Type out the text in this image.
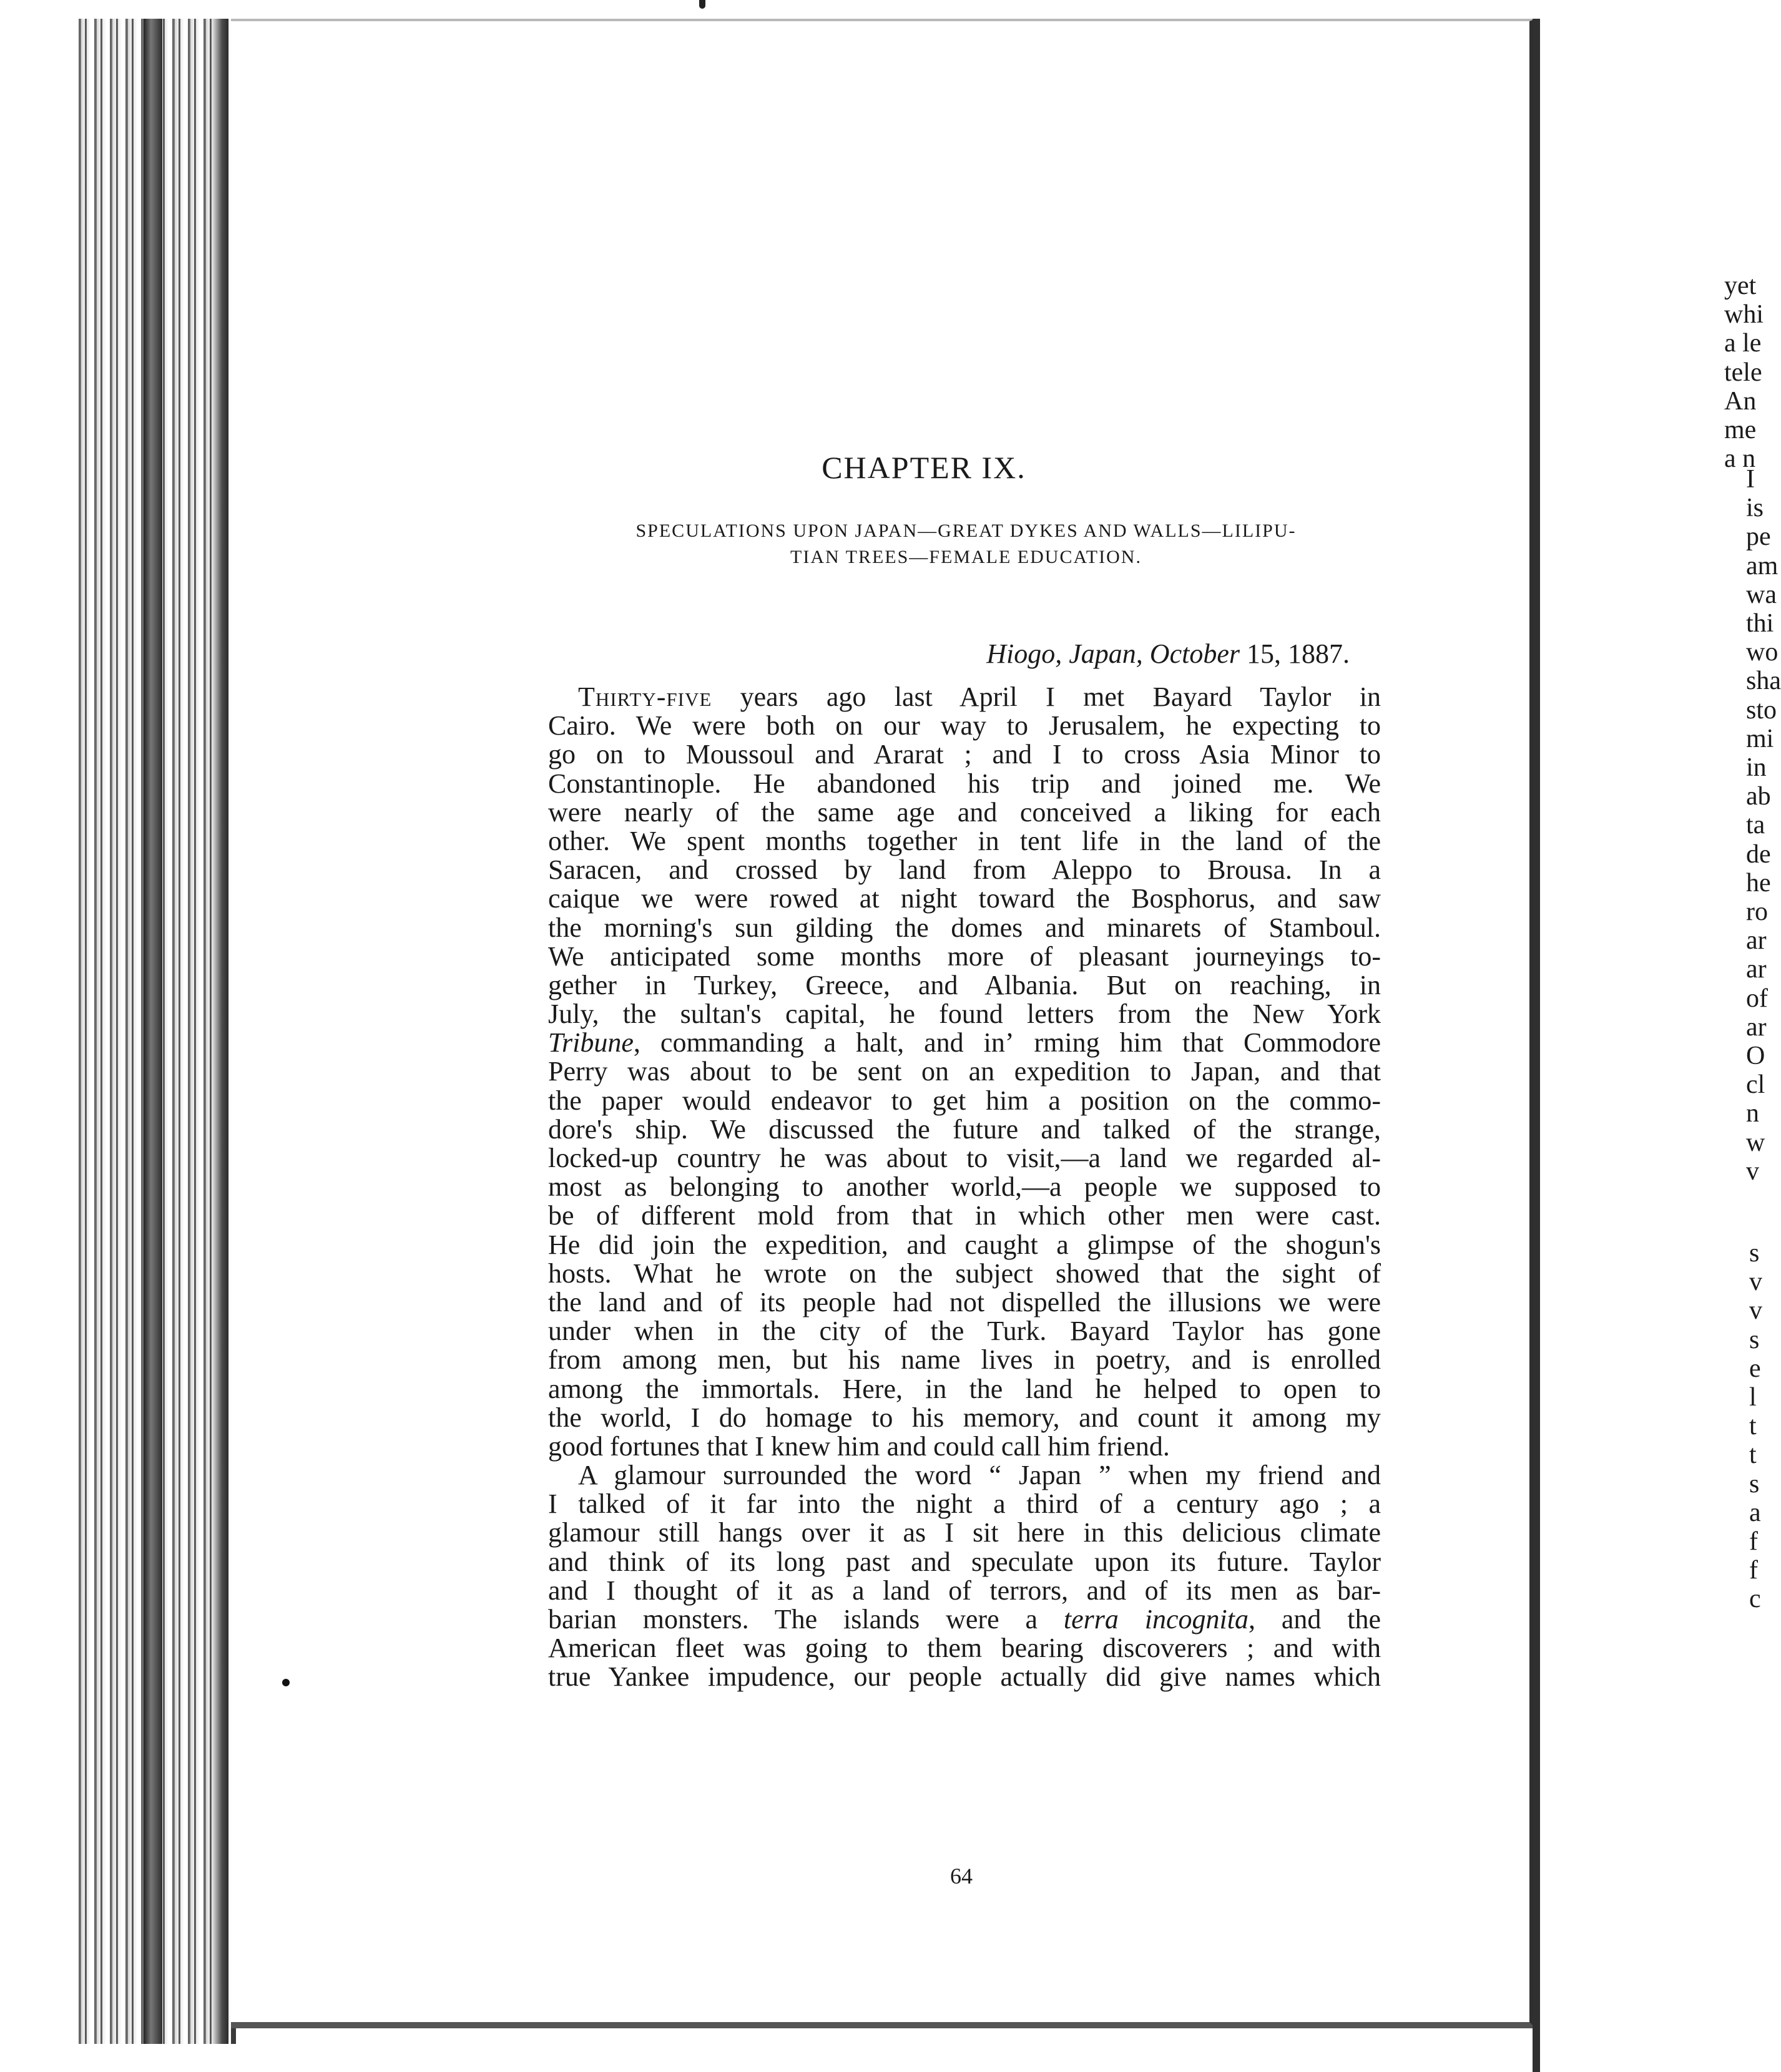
yet
whi
a le
tele
An
me
a n
I
is
pe
am
wa
thi
wo
sha
sto
mi
in
ab
ta
de
he
ro
ar
ar
of
ar
O
cl
n
w
v
s
v
v
s
e
l
t
t
s
a
f
f
c
CHAPTER IX.
SPECULATIONS UPON JAPAN—GREAT DYKES AND WALLS—LILIPU-
TIAN TREES—FEMALE EDUCATION.

Hiogo, Japan, October 15, 1887.

Thirty-five years ago last April I met Bayard Taylor in
Cairo. We were both on our way to Jerusalem, he expecting to
go on to Moussoul and Ararat ; and I to cross Asia Minor to
Constantinople. He abandoned his trip and joined me. We
were nearly of the same age and conceived a liking for each
other. We spent months together in tent life in the land of the
Saracen, and crossed by land from Aleppo to Brousa. In a
caique we were rowed at night toward the Bosphorus, and saw
the morning's sun gilding the domes and minarets of Stamboul.
We anticipated some months more of pleasant journeyings to-
gether in Turkey, Greece, and Albania. But on reaching, in
July, the sultan's capital, he found letters from the New York
Tribune, commanding a halt, and inʼ rming him that Commodore
Perry was about to be sent on an expedition to Japan, and that
the paper would endeavor to get him a position on the commo-
dore's ship. We discussed the future and talked of the strange,
locked-up country he was about to visit,—a land we regarded al-
most as belonging to another world,—a people we supposed to
be of different mold from that in which other men were cast.
He did join the expedition, and caught a glimpse of the shogun's
hosts. What he wrote on the subject showed that the sight of
the land and of its people had not dispelled the illusions we were
under when in the city of the Turk. Bayard Taylor has gone
from among men, but his name lives in poetry, and is enrolled
among the immortals. Here, in the land he helped to open to
the world, I do homage to his memory, and count it among my
good fortunes that I knew him and could call him friend.
A glamour surrounded the word “ Japan ” when my friend and
I talked of it far into the night a third of a century ago ; a
glamour still hangs over it as I sit here in this delicious climate
and think of its long past and speculate upon its future. Taylor
and I thought of it as a land of terrors, and of its men as bar-
barian monsters. The islands were a terra incognita, and the
American fleet was going to them bearing discoverers ; and with
true Yankee impudence, our people actually did give names which

64
